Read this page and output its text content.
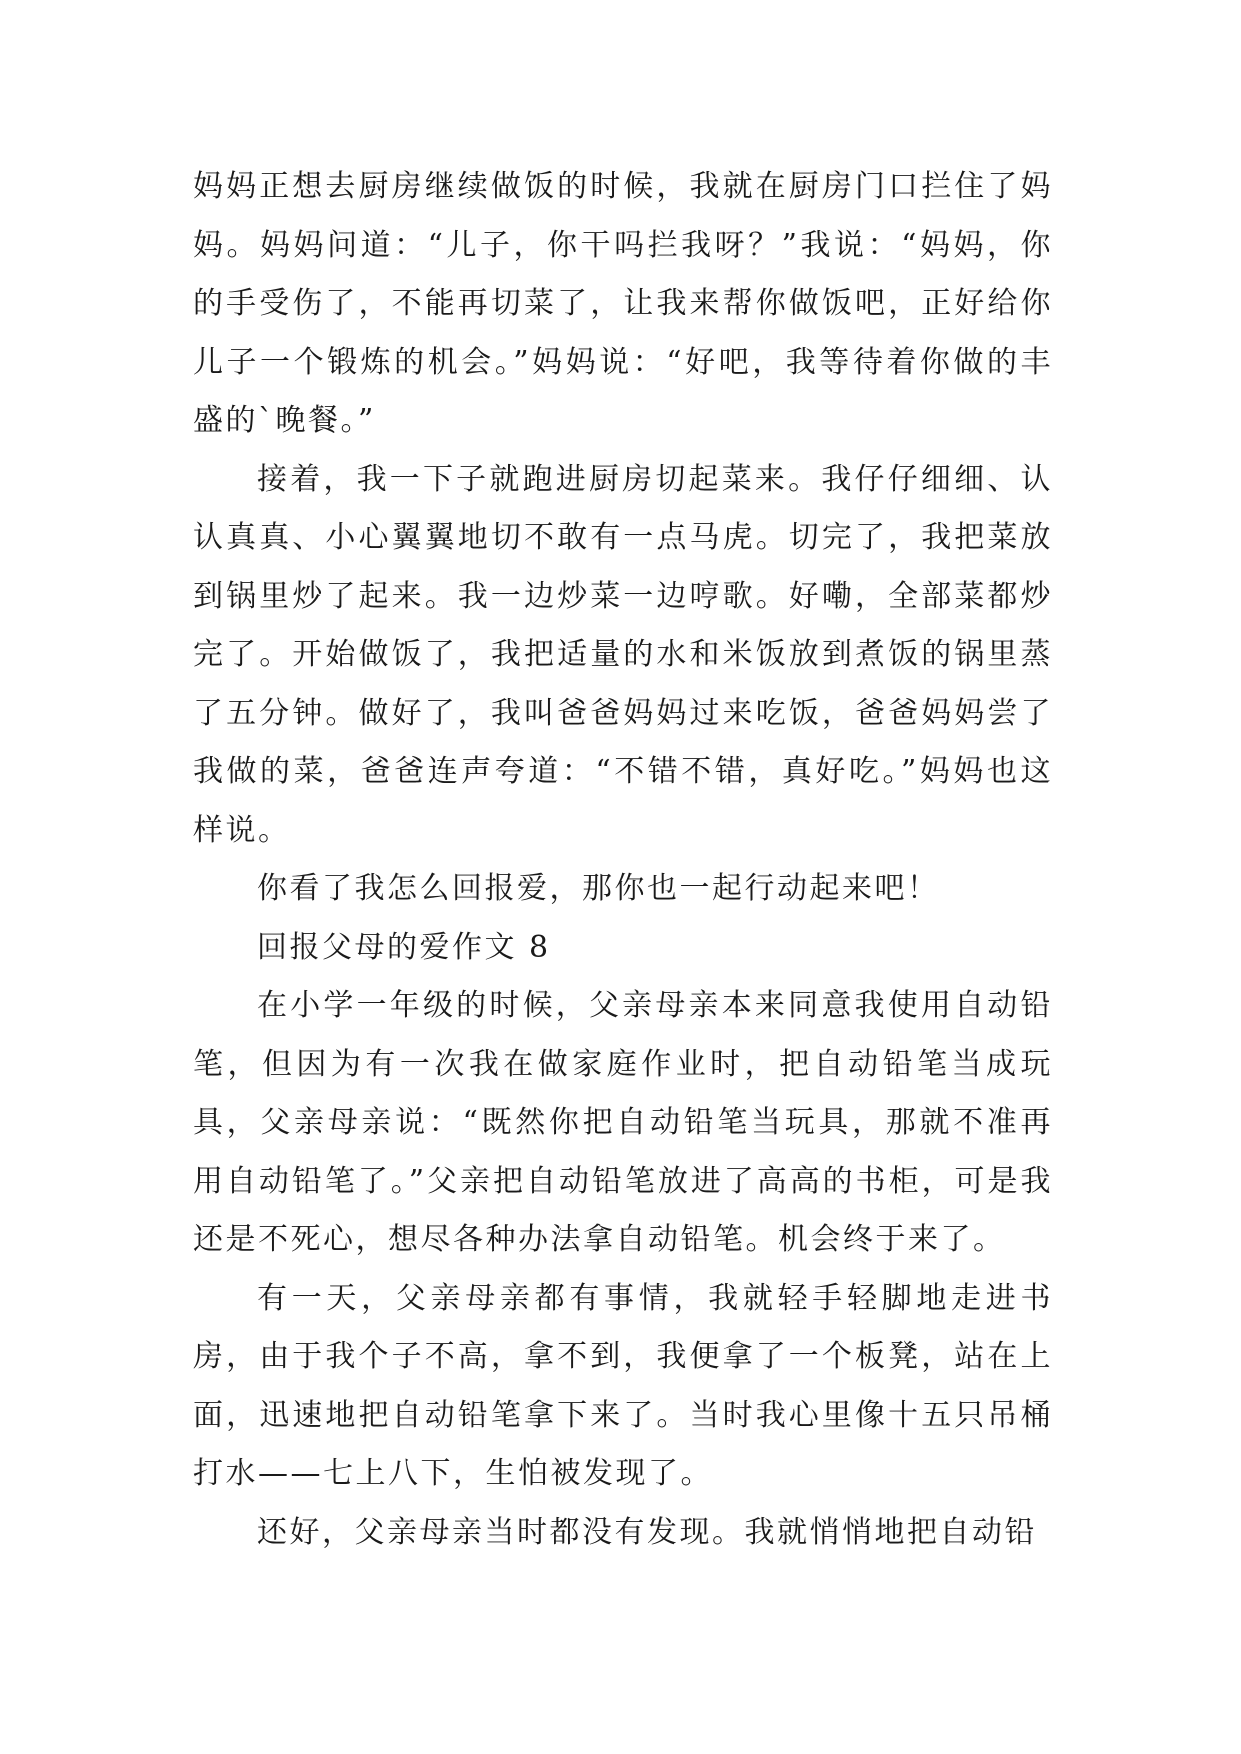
妈妈正想去厨房继续做饭的时候，我就在厨房门口拦住了妈妈。妈妈问道：“儿子，你干吗拦我呀？”我说：“妈妈，你的手受伤了，不能再切菜了，让我来帮你做饭吧，正好给你儿子一个锻炼的机会。”妈妈说：“好吧，我等待着你做的丰盛的`晚餐。”

接着，我一下子就跑进厨房切起菜来。我仔仔细细、认认真真、小心翼翼地切不敢有一点马虎。切完了，我把菜放到锅里炒了起来。我一边炒菜一边哼歌。好嘞，全部菜都炒完了。开始做饭了，我把适量的水和米饭放到煮饭的锅里蒸了五分钟。做好了，我叫爸爸妈妈过来吃饭，爸爸妈妈尝了我做的菜，爸爸连声夸道：“不错不错，真好吃。”妈妈也这样说。

你看了我怎么回报爱，那你也一起行动起来吧！

回报父母的爱作文 8

在小学一年级的时候，父亲母亲本来同意我使用自动铅笔，但因为有一次我在做家庭作业时，把自动铅笔当成玩具，父亲母亲说：“既然你把自动铅笔当玩具，那就不准再用自动铅笔了。”父亲把自动铅笔放进了高高的书柜，可是我还是不死心，想尽各种办法拿自动铅笔。机会终于来了。

有一天，父亲母亲都有事情，我就轻手轻脚地走进书房，由于我个子不高，拿不到，我便拿了一个板凳，站在上面，迅速地把自动铅笔拿下来了。当时我心里像十五只吊桶打水——七上八下，生怕被发现了。

还好，父亲母亲当时都没有发现。我就悄悄地把自动铅
